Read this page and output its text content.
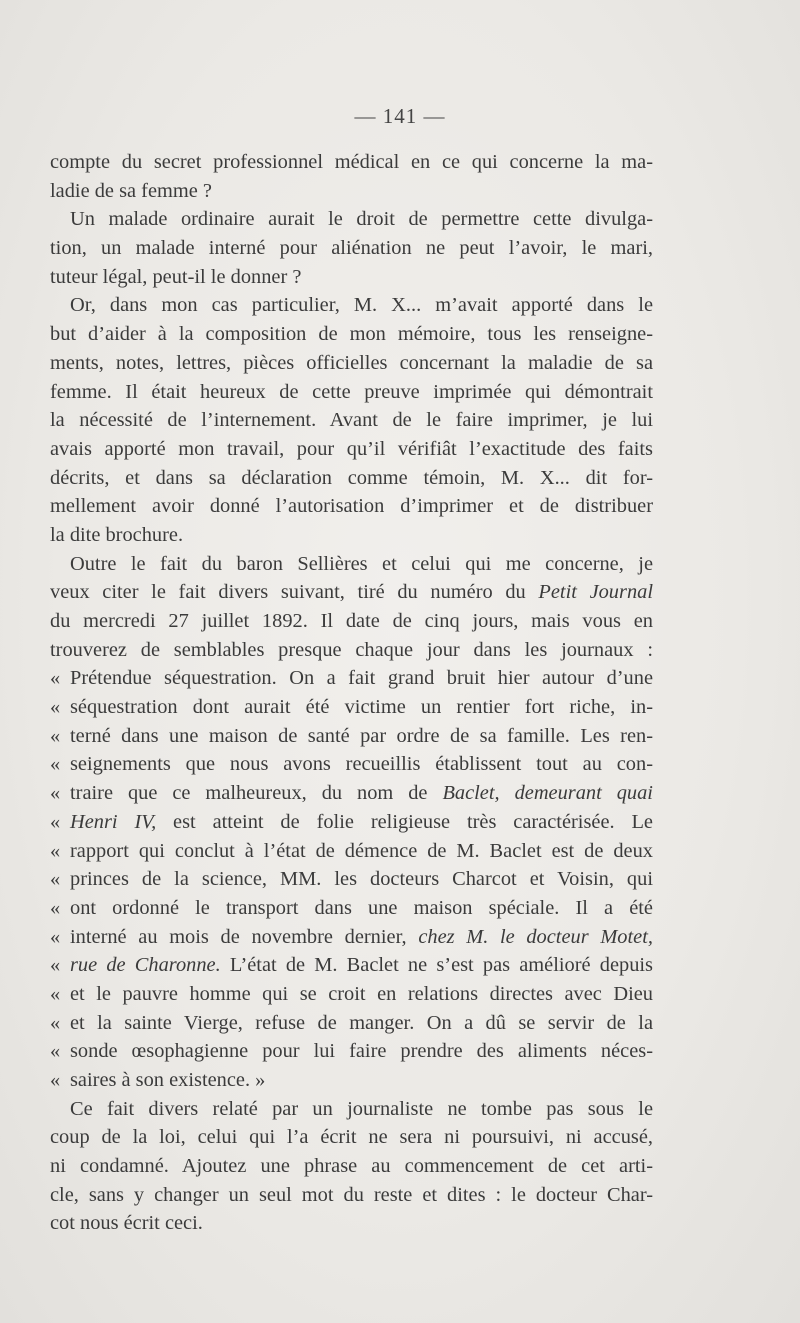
— 141 —
compte du secret professionnel médical en ce qui concerne la ma-
ladie de sa femme ?
Un malade ordinaire aurait le droit de permettre cette divulga-
tion, un malade interné pour aliénation ne peut l’avoir, le mari,
tuteur légal, peut-il le donner ?
Or, dans mon cas particulier, M. X... m’avait apporté dans le
but d’aider à la composition de mon mémoire, tous les renseigne-
ments, notes, lettres, pièces officielles concernant la maladie de sa
femme. Il était heureux de cette preuve imprimée qui démontrait
la nécessité de l’internement. Avant de le faire imprimer, je lui
avais apporté mon travail, pour qu’il vérifiât l’exactitude des faits
décrits, et dans sa déclaration comme témoin, M. X... dit for-
mellement avoir donné l’autorisation d’imprimer et de distribuer
la dite brochure.
Outre le fait du baron Sellières et celui qui me concerne, je
veux citer le fait divers suivant, tiré du numéro du Petit Journal
du mercredi 27 juillet 1892. Il date de cinq jours, mais vous en
trouverez de semblables presque chaque jour dans les journaux :
« Prétendue séquestration. On a fait grand bruit hier autour d’une
« séquestration dont aurait été victime un rentier fort riche, in-
« terné dans une maison de santé par ordre de sa famille. Les ren-
« seignements que nous avons recueillis établissent tout au con-
« traire que ce malheureux, du nom de Baclet, demeurant quai
« Henri IV, est atteint de folie religieuse très caractérisée. Le
« rapport qui conclut à l’état de démence de M. Baclet est de deux
« princes de la science, MM. les docteurs Charcot et Voisin, qui
« ont ordonné le transport dans une maison spéciale. Il a été
« interné au mois de novembre dernier, chez M. le docteur Motet,
« rue de Charonne. L’état de M. Baclet ne s’est pas amélioré depuis
« et le pauvre homme qui se croit en relations directes avec Dieu
« et la sainte Vierge, refuse de manger. On a dû se servir de la
« sonde œsophagienne pour lui faire prendre des aliments néces-
« saires à son existence. »
Ce fait divers relaté par un journaliste ne tombe pas sous le
coup de la loi, celui qui l’a écrit ne sera ni poursuivi, ni accusé,
ni condamné. Ajoutez une phrase au commencement de cet arti-
cle, sans y changer un seul mot du reste et dites : le docteur Char-
cot nous écrit ceci.
